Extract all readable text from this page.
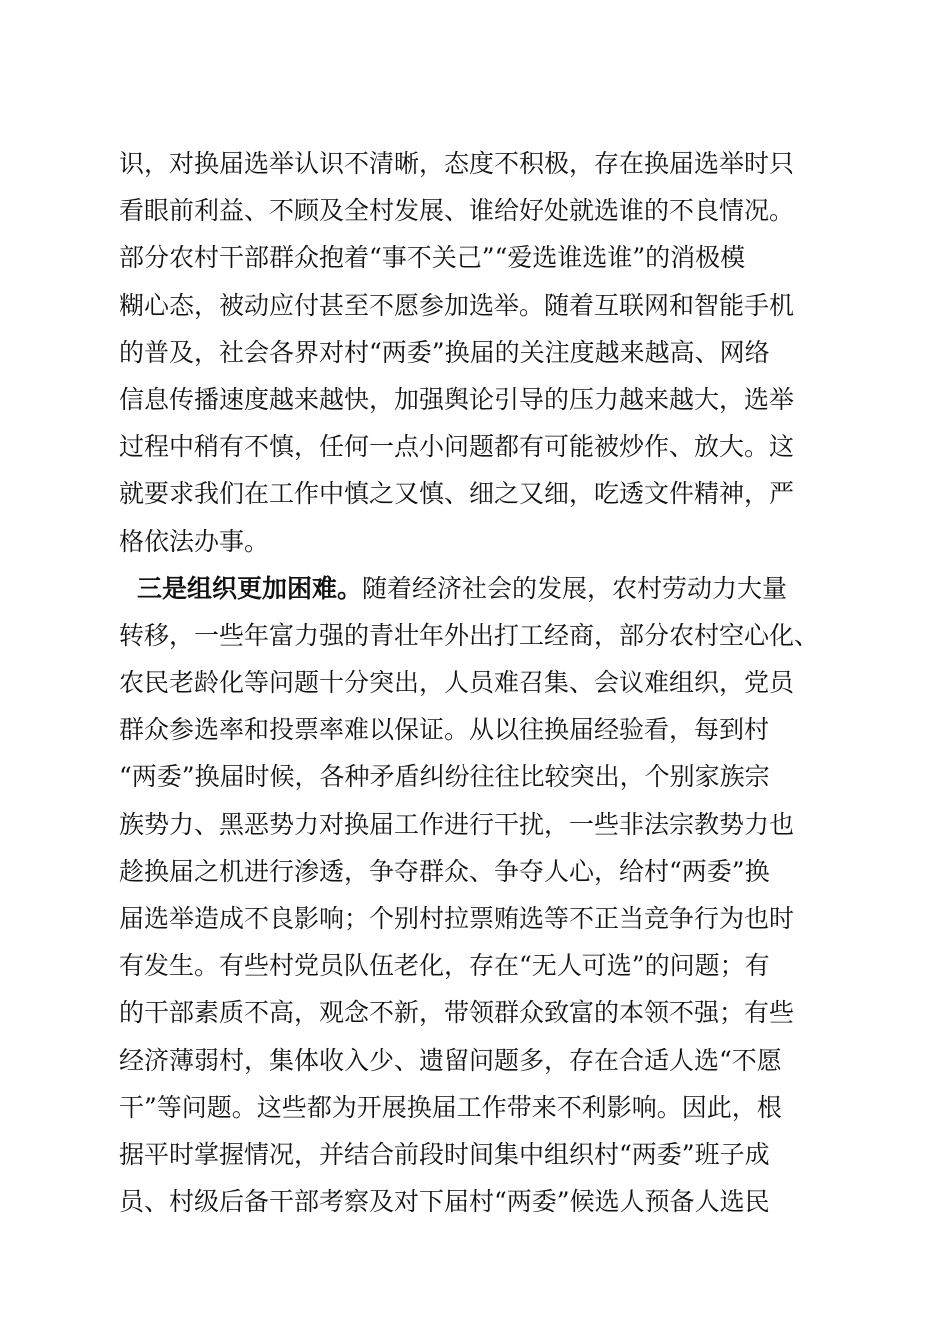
识，对换届选举认识不清晰，态度不积极，存在换届选举时只
看眼前利益、不顾及全村发展、谁给好处就选谁的不良情况。
部分农村干部群众抱着“事不关己”“爱选谁选谁”的消极模
糊心态，被动应付甚至不愿参加选举。随着互联网和智能手机
的普及，社会各界对村“两委”换届的关注度越来越高、网络
信息传播速度越来越快，加强舆论引导的压力越来越大，选举
过程中稍有不慎，任何一点小问题都有可能被炒作、放大。这
就要求我们在工作中慎之又慎、细之又细，吃透文件精神，严
格依法办事。
三是组织更加困难。随着经济社会的发展，农村劳动力大量
转移，一些年富力强的青壮年外出打工经商，部分农村空心化、
农民老龄化等问题十分突出，人员难召集、会议难组织，党员
群众参选率和投票率难以保证。从以往换届经验看，每到村
“两委”换届时候，各种矛盾纠纷往往比较突出，个别家族宗
族势力、黑恶势力对换届工作进行干扰，一些非法宗教势力也
趁换届之机进行渗透，争夺群众、争夺人心，给村“两委”换
届选举造成不良影响；个别村拉票贿选等不正当竞争行为也时
有发生。有些村党员队伍老化，存在“无人可选”的问题；有
的干部素质不高，观念不新，带领群众致富的本领不强；有些
经济薄弱村，集体收入少、遗留问题多，存在合适人选“不愿
干”等问题。这些都为开展换届工作带来不利影响。因此，根
据平时掌握情况，并结合前段时间集中组织村“两委”班子成
员、村级后备干部考察及对下届村“两委”候选人预备人选民
